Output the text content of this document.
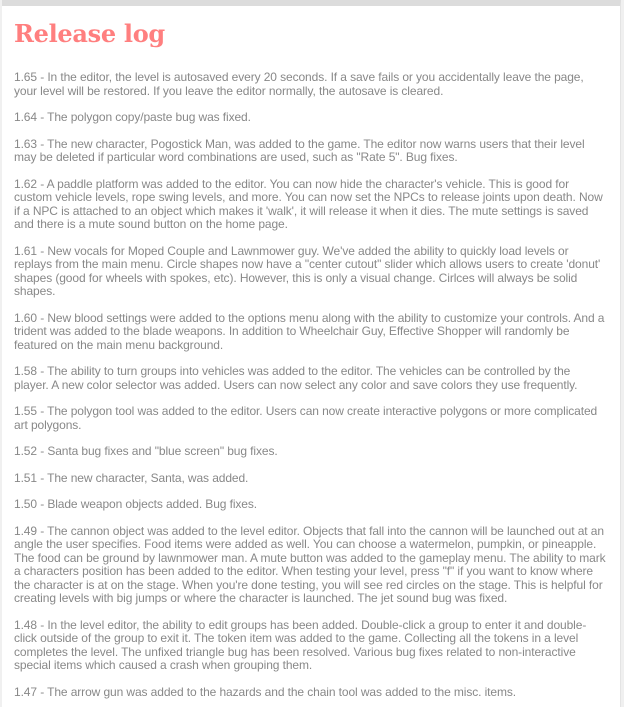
Release log

1.65 - In the editor, the level is autosaved every 20 seconds. If a save fails or you accidentally leave the page, your level will be restored. If you leave the editor normally, the autosave is cleared.

1.64 - The polygon copy/paste bug was fixed.

1.63 - The new character, Pogostick Man, was added to the game. The editor now warns users that their level may be deleted if particular word combinations are used, such as "Rate 5". Bug fixes.

1.62 - A paddle platform was added to the editor. You can now hide the character's vehicle. This is good for custom vehicle levels, rope swing levels, and more. You can now set the NPCs to release joints upon death. Now if a NPC is attached to an object which makes it 'walk', it will release it when it dies. The mute settings is saved and there is a mute sound button on the home page.

1.61 - New vocals for Moped Couple and Lawnmower guy. We've added the ability to quickly load levels or replays from the main menu. Circle shapes now have a "center cutout" slider which allows users to create 'donut' shapes (good for wheels with spokes, etc). However, this is only a visual change. Cirlces will always be solid shapes.

1.60 - New blood settings were added to the options menu along with the ability to customize your controls. And a trident was added to the blade weapons. In addition to Wheelchair Guy, Effective Shopper will randomly be featured on the main menu background.

1.58 - The ability to turn groups into vehicles was added to the editor. The vehicles can be controlled by the player. A new color selector was added. Users can now select any color and save colors they use frequently.

1.55 - The polygon tool was added to the editor. Users can now create interactive polygons or more complicated art polygons.

1.52 - Santa bug fixes and "blue screen" bug fixes.

1.51 - The new character, Santa, was added.

1.50 - Blade weapon objects added. Bug fixes.

1.49 - The cannon object was added to the level editor. Objects that fall into the cannon will be launched out at an angle the user specifies. Food items were added as well. You can choose a watermelon, pumpkin, or pineapple. The food can be ground by lawnmower man. A mute button was added to the gameplay menu. The ability to mark a characters position has been added to the editor. When testing your level, press "f" if you want to know where the character is at on the stage. When you're done testing, you will see red circles on the stage. This is helpful for creating levels with big jumps or where the character is launched. The jet sound bug was fixed.

1.48 - In the level editor, the ability to edit groups has been added. Double-click a group to enter it and double-click outside of the group to exit it. The token item was added to the game. Collecting all the tokens in a level completes the level. The unfixed triangle bug has been resolved. Various bug fixes related to non-interactive special items which caused a crash when grouping them.

1.47 - The arrow gun was added to the hazards and the chain tool was added to the misc. items.
